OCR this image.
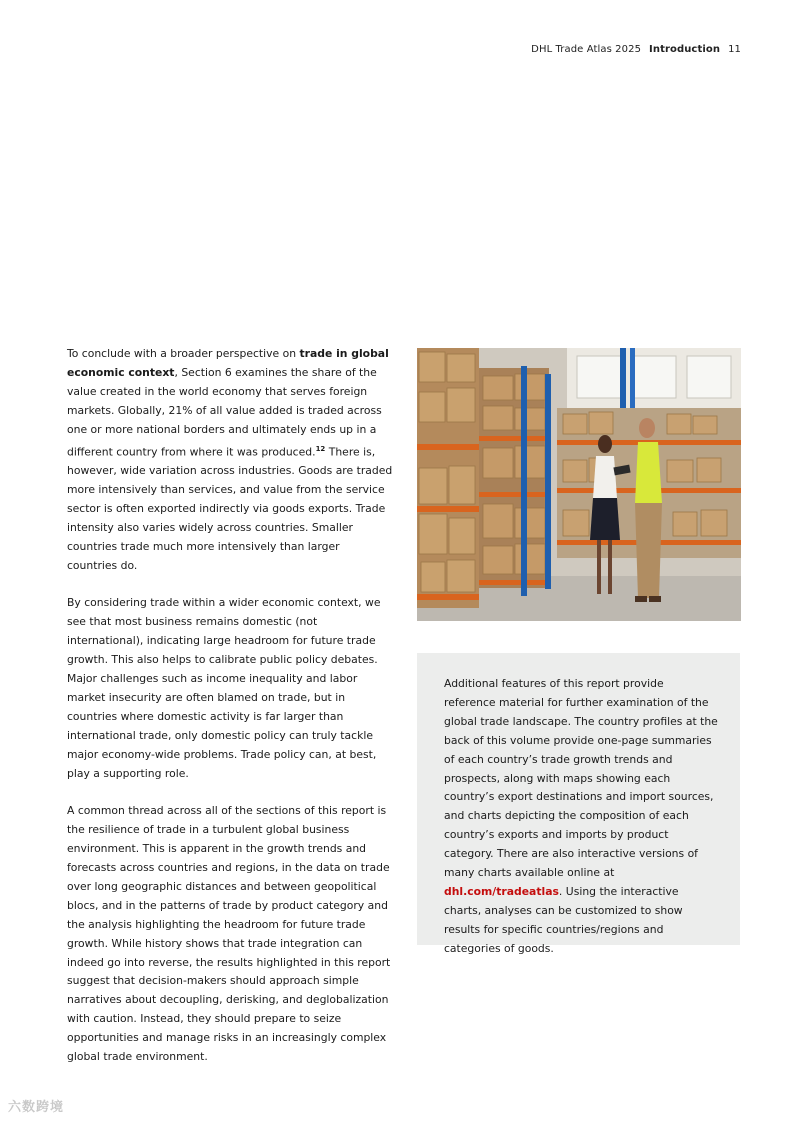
DHL Trade Atlas 2025 Introduction 11

To conclude with a broader perspective on trade in global economic context, Section 6 examines the share of the value created in the world economy that serves foreign markets. Globally, 21% of all value added is traded across one or more national borders and ultimately ends up in a different country from where it was produced.$^{12}$ There is, however, wide variation across industries. Goods are traded more intensively than services, and value from the service sector is often exported indirectly via goods exports. Trade intensity also varies widely across countries. Smaller countries trade much more intensively than larger countries do.

By considering trade within a wider economic context, we see that most business remains domestic (not international), indicating large headroom for future trade growth. This also helps to calibrate public policy debates. Major challenges such as income inequality and labor market insecurity are often blamed on trade, but in countries where domestic activity is far larger than international trade, only domestic policy can truly tackle major economy-wide problems. Trade policy can, at best, play a supporting role.

A common thread across all of the sections of this report is the resilience of trade in a turbulent global business environment. This is apparent in the growth trends and forecasts across countries and regions, in the data on trade over long geographic distances and between geopolitical blocs, and in the patterns of trade by product category and the analysis highlighting the headroom for future trade growth. While history shows that trade integration can indeed go into reverse, the results highlighted in this report suggest that decision-makers should approach simple narratives about decoupling, derisking, and deglobalization with caution. Instead, they should prepare to seize opportunities and manage risks in an increasingly complex global trade environment.

Additional features of this report provide reference material for further examination of the global trade landscape. The country profiles at the back of this volume provide one-page summaries of each country’s trade growth trends and prospects, along with maps showing each country’s export destinations and import sources, and charts depicting the composition of each country’s exports and imports by product category. There are also interactive versions of many charts available online at dhl.com/tradeatlas. Using the interactive charts, analyses can be customized to show results for specific countries/regions and categories of goods.
六数跨境
